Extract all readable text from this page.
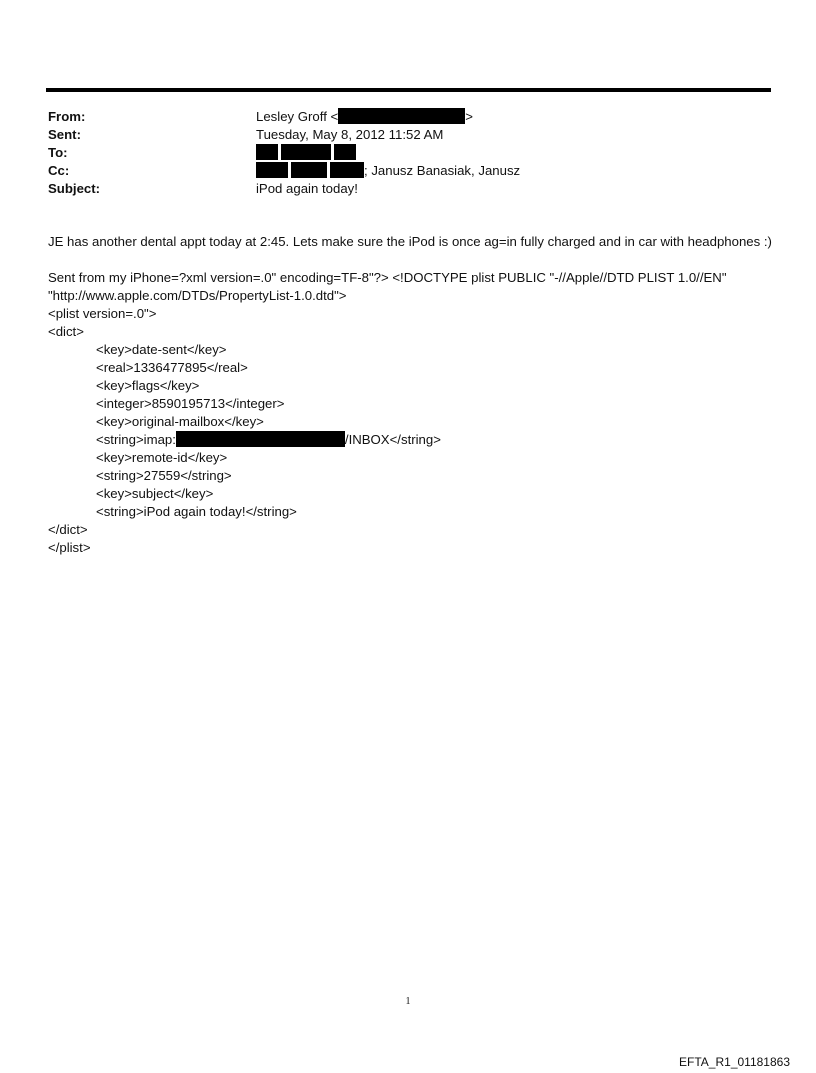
From:	Lesley Groff <	>
Sent:	Tuesday, May 8, 2012 11:52 AM
To:
Cc:	; Janusz Banasiak, Janusz
Subject:	iPod again today!

JE has another dental appt today at 2:45. Lets make sure the iPod is once ag=in fully charged and in car with headphones :)

Sent from my iPhone=?xml version=.0" encoding=TF-8"?> <!DOCTYPE plist PUBLIC "-//Apple//DTD PLIST 1.0//EN"
"http://www.apple.com/DTDs/PropertyList-1.0.dtd">
<plist version=.0">
<dict>
<key>date-sent</key>
<real>1336477895</real>
<key>flags</key>
<integer>8590195713</integer>
<key>original-mailbox</key>
<string>imap:	/INBOX</string>
<key>remote-id</key>
<string>27559</string>
<key>subject</key>
<string>iPod again today!</string>
</dict>
</plist>
1
EFTA_R1_01181863
